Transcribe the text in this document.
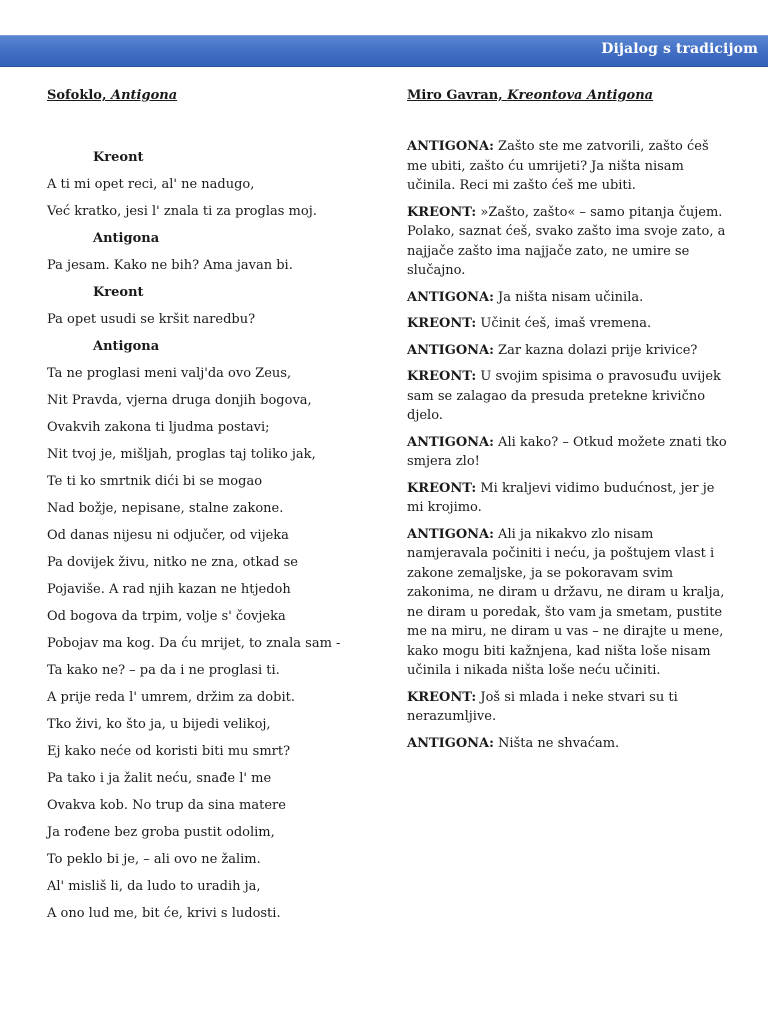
Dijalog s tradicijom
Sofoklo, Antigona
Kreont
A ti mi opet reci, al' ne nadugo,
Već kratko, jesi l' znala ti za proglas moj.
Antigona
Pa jesam. Kako ne bih? Ama javan bi.
Kreont
Pa opet usudi se kršit naredbu?
Antigona
Ta ne proglasi meni valj'da ovo Zeus,
Nit Pravda, vjerna druga donjih bogova,
Ovakvih zakona ti ljudma postavi;
Nit tvoj je, mišljah, proglas taj toliko jak,
Te ti ko smrtnik dići bi se mogao
Nad božje, nepisane, stalne zakone.
Od danas nijesu ni odjučer, od vijeka
Pa dovijek živu, nitko ne zna, otkad se
Pojaviše. A rad njih kazan ne htjedoh
Od bogova da trpim, volje s' čovjeka
Pobojav ma kog. Da ću mrijet, to znala sam -
Ta kako ne? – pa da i ne proglasi ti.
A prije reda l' umrem, držim za dobit.
Tko živi, ko što ja, u bijedi velikoj,
Ej kako neće od koristi biti mu smrt?
Pa tako i ja žalit neću, snađe l' me
Ovakva kob. No trup da sina matere
Ja rođene bez groba pustit odolim,
To peklo bi je, – ali ovo ne žalim.
Al' misliš li, da ludo to uradih ja,
A ono lud me, bit će, krivi s ludosti.
Miro Gavran, Kreontova Antigona
ANTIGONA: Zašto ste me zatvorili, zašto ćeš me ubiti, zašto ću umrijeti? Ja ništa nisam učinila. Reci mi zašto ćeš me ubiti.
KREONT: »Zašto, zašto« – samo pitanja čujem. Polako, saznat ćeš, svako zašto ima svoje zato, a najjače zašto ima najjače zato, ne umire se slučajno.
ANTIGONA: Ja ništa nisam učinila.
KREONT: Učinit ćeš, imaš vremena.
ANTIGONA: Zar kazna dolazi prije krivice?
KREONT: U svojim spisima o pravosuđu uvijek sam se zalagao da presuda pretekne krivično djelo.
ANTIGONA: Ali kako? – Otkud možete znati tko smjera zlo!
KREONT: Mi kraljevi vidimo budućnost, jer je mi krojimo.
ANTIGONA: Ali ja nikakvo zlo nisam namjeravala počiniti i neću, ja poštujem vlast i zakone zemaljske, ja se pokoravam svim zakonima, ne diram u državu, ne diram u kralja, ne diram u poredak, što vam ja smetam, pustite me na miru, ne diram u vas – ne dirajte u mene, kako mogu biti kažnjena, kad ništa loše nisam učinila i nikada ništa loše neću učiniti.
KREONT: Još si mlada i neke stvari su ti nerazumljive.
ANTIGONA: Ništa ne shvaćam.
